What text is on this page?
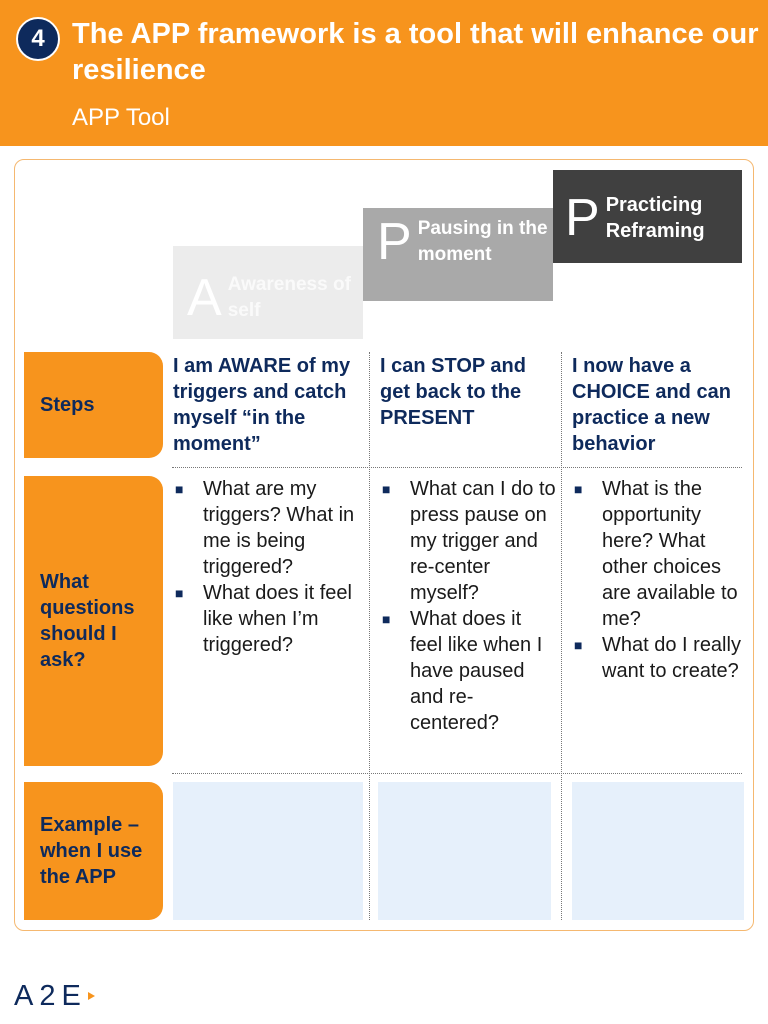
4 The APP framework is a tool that will enhance our resilience
APP Tool
A Awareness of self
P Pausing in the moment
P Practicing Reframing
Steps
What questions should I ask?
Example – when I use the APP
I am AWARE of my triggers and catch myself “in the moment”
I can STOP and get back to the PRESENT
I now have a CHOICE and can practice a new behavior
■ What are my triggers? What in me is being triggered?
■ What does it feel like when I’m triggered?
■ What can I do to press pause on my trigger and re-center myself?
■ What does it feel like when I have paused and re-centered?
■ What is the opportunity here? What other choices are available to me?
■ What do I really want to create?
A2E
